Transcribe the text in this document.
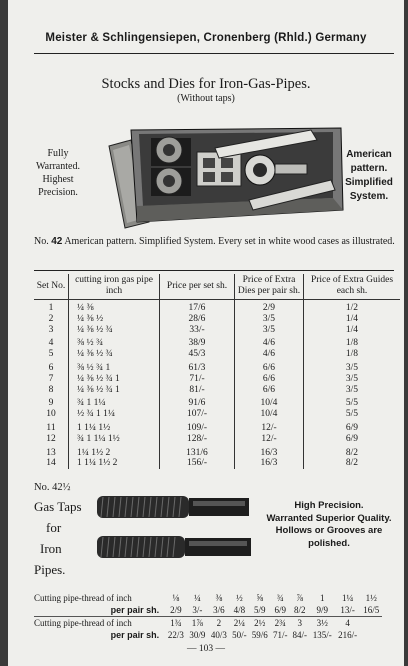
Meister & Schlingensiepen, Cronenberg (Rhld.) Germany
Stocks and Dies for Iron-Gas-Pipes.
(Without taps)
Fully
Warranted.
Highest
Precision.
American
pattern.
Simplified
System.
No. 42 American pattern. Simplified System. Every set in white wood cases as illustrated.
Set No.	cutting iron gas pipe inch	Price per set sh.	Price of Extra Dies per pair sh.	Price of Extra Guides each sh.
1	¼ ⅜	17/6	2/9	1/2
2	¼ ⅜ ½	28/6	3/5	1/4
3	¼ ⅜ ½ ¾	33/-	3/5	1/4
4	⅜ ½ ¾	38/9	4/6	1/8
5	¼ ⅜ ½ ¾	45/3	4/6	1/8
6	⅜ ½ ¾ 1	61/3	6/6	3/5
7	¼ ⅜ ½ ¾ 1	71/-	6/6	3/5
8	¼ ⅜ ½ ¾ 1	81/-	6/6	3/5
9	¾ 1 1¼	91/6	10/4	5/5
10	½ ¾ 1 1¼	107/-	10/4	5/5
11	1 1¼ 1½	109/-	12/-	6/9
12	¾ 1 1¼ 1½	128/-	12/-	6/9
13	1¼ 1½ 2	131/6	16/3	8/2
14	1 1¼ 1½ 2	156/-	16/3	8/2
No. 42½
Gas Taps
for
Iron
Pipes.
High Precision.
Warranted Superior Quality.
Hollows or Grooves are
polished.
Cutting pipe-thread of inch	⅛	¼	⅜	½	⅝	¾	⅞	1	1¼	1½
per pair sh.	2/9	3/-	3/6	4/8	5/9	6/9	8/2	9/9	13/-	16/5
Cutting pipe-thread of inch	1¾	1⅞	2	2¼	2½	2¾	3	3½	4	
per pair sh.	22/3	30/9	40/3	50/-	59/6	71/-	84/-	135/-	216/-	
— 103 —
